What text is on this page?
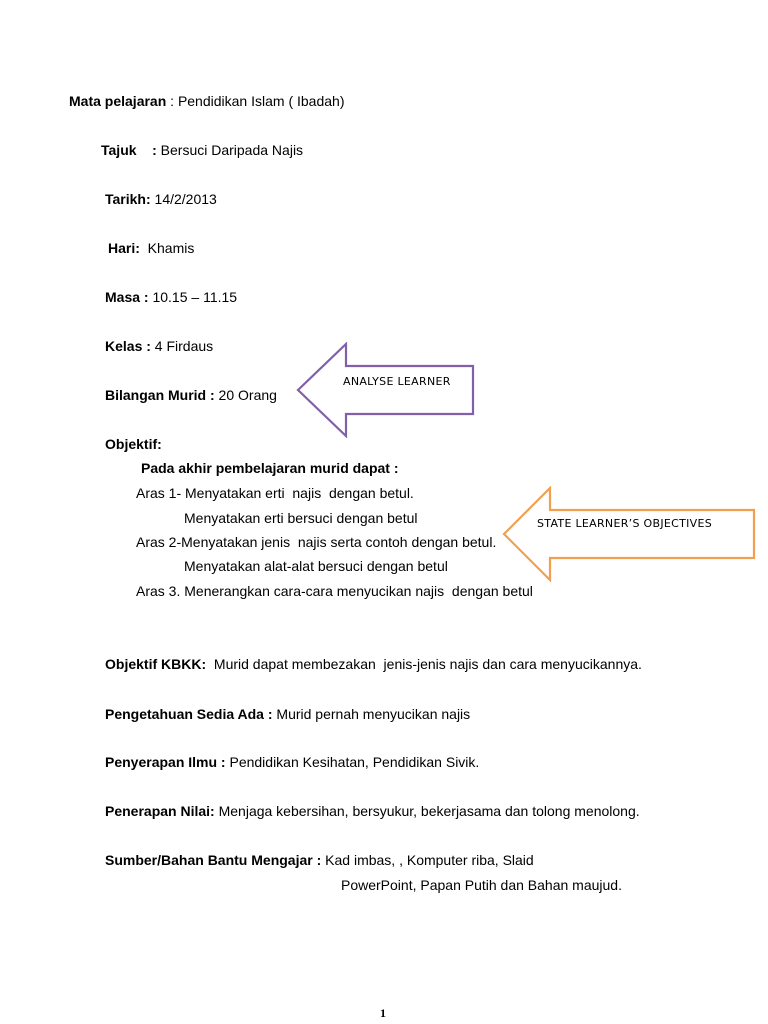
Mata pelajaran : Pendidikan Islam ( Ibadah)
Tajuk    : Bersuci Daripada Najis
Tarikh: 14/2/2013
Hari:  Khamis
Masa : 10.15 – 11.15
Kelas : 4 Firdaus
Bilangan Murid : 20 Orang
Objektif:
Pada akhir pembelajaran murid dapat :
Aras 1- Menyatakan erti  najis  dengan betul.
Menyatakan erti bersuci dengan betul
Aras 2-Menyatakan jenis  najis serta contoh dengan betul.
Menyatakan alat-alat bersuci dengan betul
Aras 3. Menerangkan cara-cara menyucikan najis  dengan betul
Objektif KBKK:  Murid dapat membezakan  jenis-jenis najis dan cara menyucikannya.
Pengetahuan Sedia Ada : Murid pernah menyucikan najis
Penyerapan Ilmu : Pendidikan Kesihatan, Pendidikan Sivik.
Penerapan Nilai: Menjaga kebersihan, bersyukur, bekerjasama dan tolong menolong.
Sumber/Bahan Bantu Mengajar : Kad imbas, , Komputer riba, Slaid
PowerPoint, Papan Putih dan Bahan maujud.
ANALYSE LEARNER
STATE LEARNER’S OBJECTIVES
1
